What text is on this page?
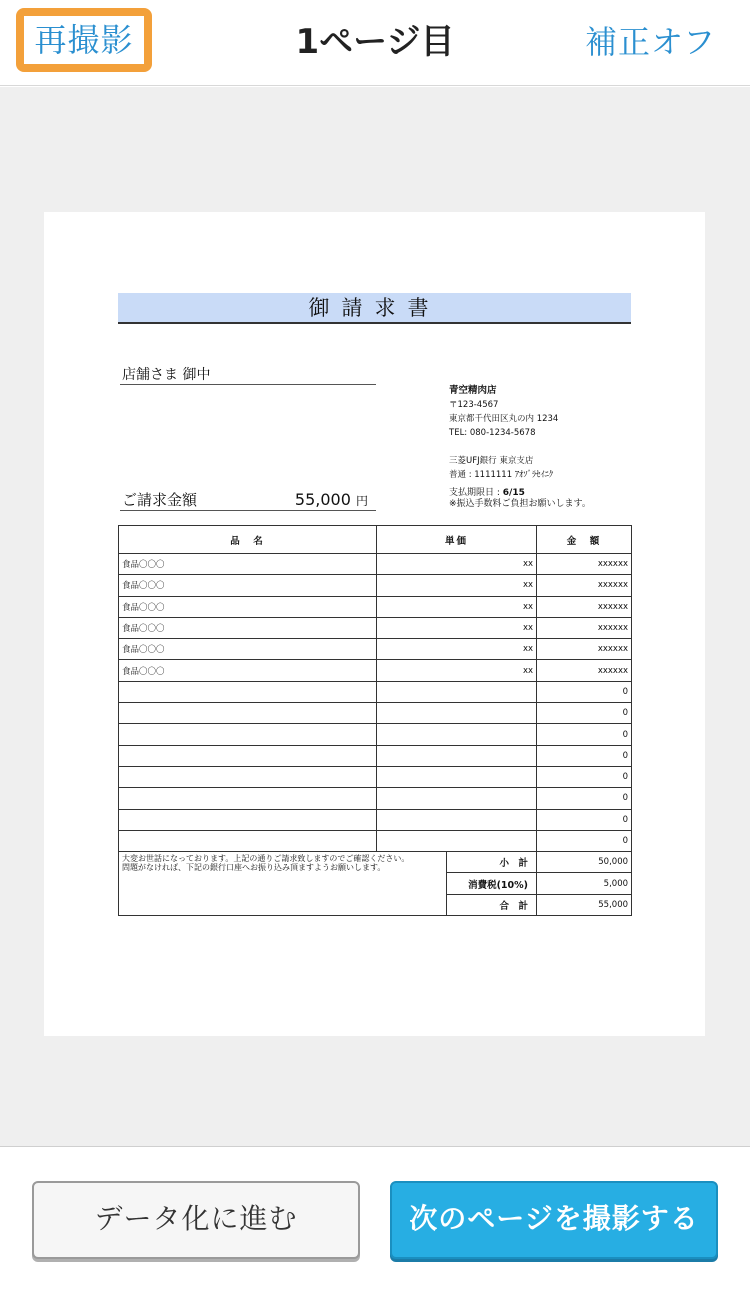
再撮影	1ページ目	補正オフ
御請求書
店舗さま 御中
ご請求金額	55,000 円
青空精肉店
〒123-4567
東京都千代田区丸の内 1234
TEL: 080-1234-5678
三菱UFJ銀行 東京支店
普通 : 1111111 ｱｵｿﾞﾗｾｲﾆｸ
支払期限日 : 6/15
※振込手数料ご負担お願いします。
品　名	単価		金　額
食品〇〇〇	xx		xxxxxx
食品〇〇〇	xx		xxxxxx
食品〇〇〇	xx		xxxxxx
食品〇〇〇	xx		xxxxxx
食品〇〇〇	xx		xxxxxx
食品〇〇〇	xx		xxxxxx
			0
			0
			0
			0
			0
			0
			0
			0
大変お世話になっております。上記の通りご請求致しますのでご確認ください。
問題がなければ、下記の銀行口座へお振り込み頂ますようお願いします。		小　計	50,000
		消費税(10%)	5,000
		合　計	55,000
データ化に進む	次のページを撮影する
